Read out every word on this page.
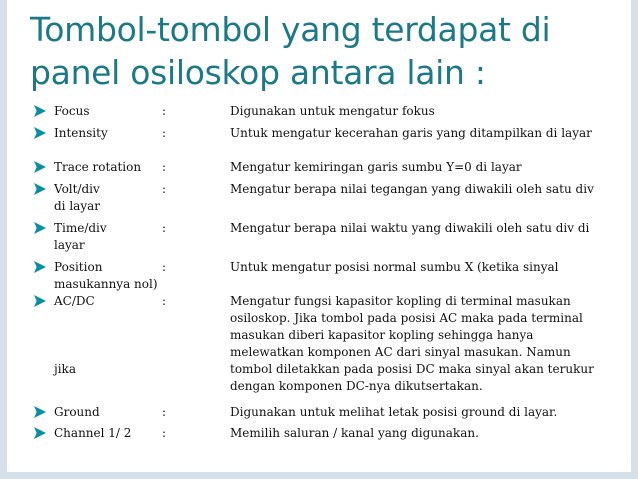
Tombol-tombol yang terdapat di
panel osiloskop antara lain :
Focus	:	Digunakan untuk mengatur fokus
Intensity	:	Untuk mengatur kecerahan garis yang ditampilkan di layar
Trace rotation :	Mengatur kemiringan garis sumbu Y=0 di layar
Volt/div	:	Mengatur berapa nilai tegangan yang diwakili oleh satu div
di layar
Time/div	:	Mengatur berapa nilai waktu yang diwakili oleh satu div di
layar
Position	:	Untuk mengatur posisi normal sumbu X (ketika sinyal
masukannya nol)
AC/DC	:	Mengatur fungsi kapasitor kopling di terminal masukan
osiloskop. Jika tombol pada posisi AC maka pada terminal
masukan diberi kapasitor kopling sehingga hanya
melewatkan komponen AC dari sinyal masukan. Namun
jika	tombol diletakkan pada posisi DC maka sinyal akan terukur
dengan komponen DC-nya dikutsertakan.
Ground	:	Digunakan untuk melihat letak posisi ground di layar.
Channel 1/ 2	:	Memilih saluran / kanal yang digunakan.
